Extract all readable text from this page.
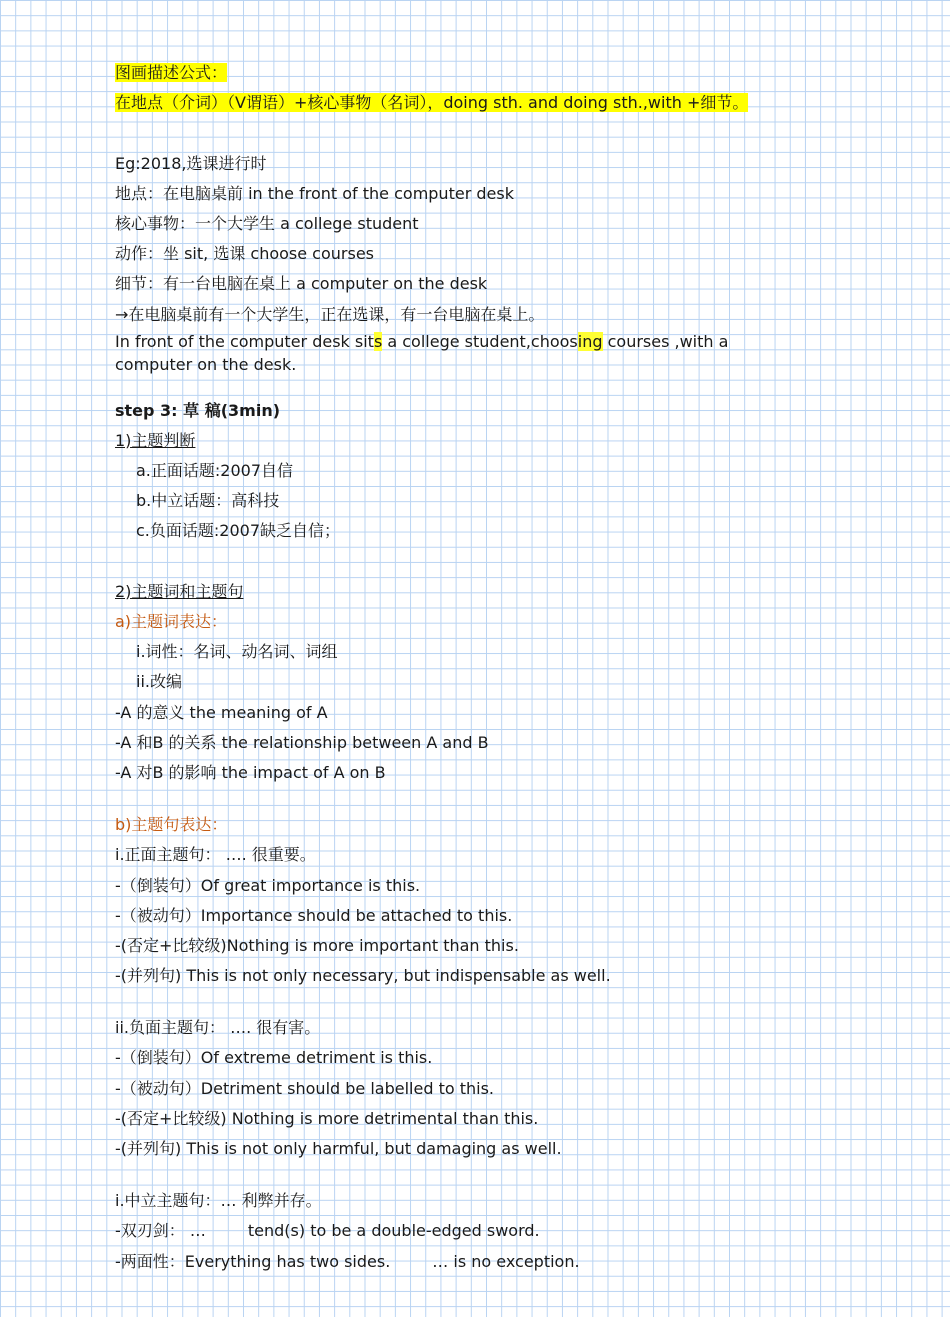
图画描述公式：
在地点（介词）（V谓语）+核心事物（名词），doing sth. and doing sth.,with +细节。
Eg:2018,选课进行时
地点：在电脑桌前 in the front of the computer desk
核心事物：一个大学生 a college student
动作：坐 sit, 选课 choose courses
细节：有一台电脑在桌上 a computer on the desk
→在电脑桌前有一个大学生，正在选课，有一台电脑在桌上。
In front of the computer desk sits a college student,choosing courses ,with a computer on the desk.
step 3: 草 稿(3min)
1)主题判断
a.正面话题:2007自信
b.中立话题：高科技
c.负面话题:2007缺乏自信；
2)主题词和主题句
a)主题词表达：
i.词性：名词、动名词、词组
ii.改编
-A 的意义 the meaning of A
-A 和B 的关系 the relationship between A and B
-A 对B 的影响 the impact of A on B
b)主题句表达：
i.正面主题句： …. 很重要。
-（倒装句）Of great importance is this.
-（被动句）Importance should be attached to this.
-(否定+比较级)Nothing is more important than this.
-(并列句) This is not only necessary, but indispensable as well.
ii.负面主题句： …. 很有害。
-（倒装句）Of extreme detriment is this.
-（被动句）Detriment should be labelled to this.
-(否定+比较级) Nothing is more detrimental than this.
-(并列句) This is not only harmful, but damaging as well.
i.中立主题句：… 利弊并存。
-双刃剑： …	tend(s) to be a double-edged sword.
-两面性：Everything has two sides.	… is no exception.
